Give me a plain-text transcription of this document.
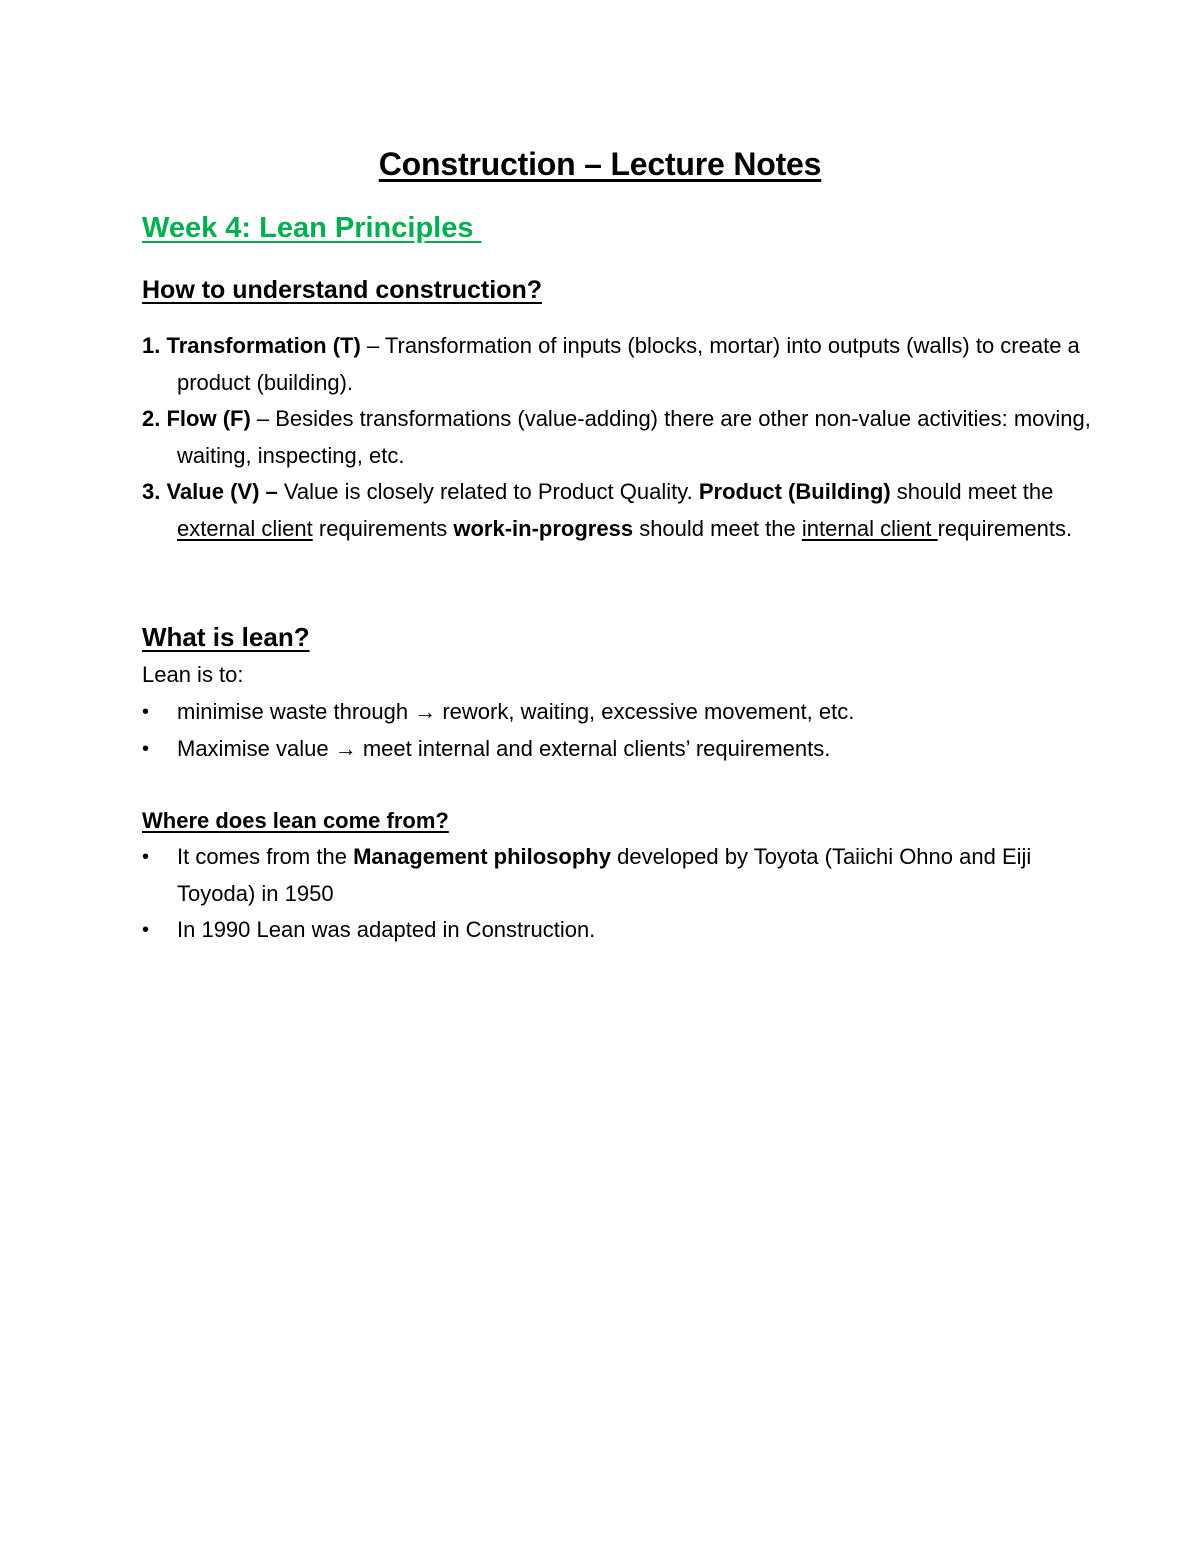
Construction – Lecture Notes
Week 4: Lean Principles
How to understand construction?
1. Transformation (T) – Transformation of inputs (blocks, mortar) into outputs (walls) to create a product (building).
2. Flow (F) – Besides transformations (value-adding) there are other non-value activities: moving, waiting, inspecting, etc.
3. Value (V) – Value is closely related to Product Quality. Product (Building) should meet the external client requirements work-in-progress should meet the internal client requirements.
What is lean?
Lean is to:
•	minimise waste through → rework, waiting, excessive movement, etc.
•	Maximise value → meet internal and external clients’ requirements.
Where does lean come from?
•	It comes from the Management philosophy developed by Toyota (Taiichi Ohno and Eiji Toyoda) in 1950
•	In 1990 Lean was adapted in Construction.
